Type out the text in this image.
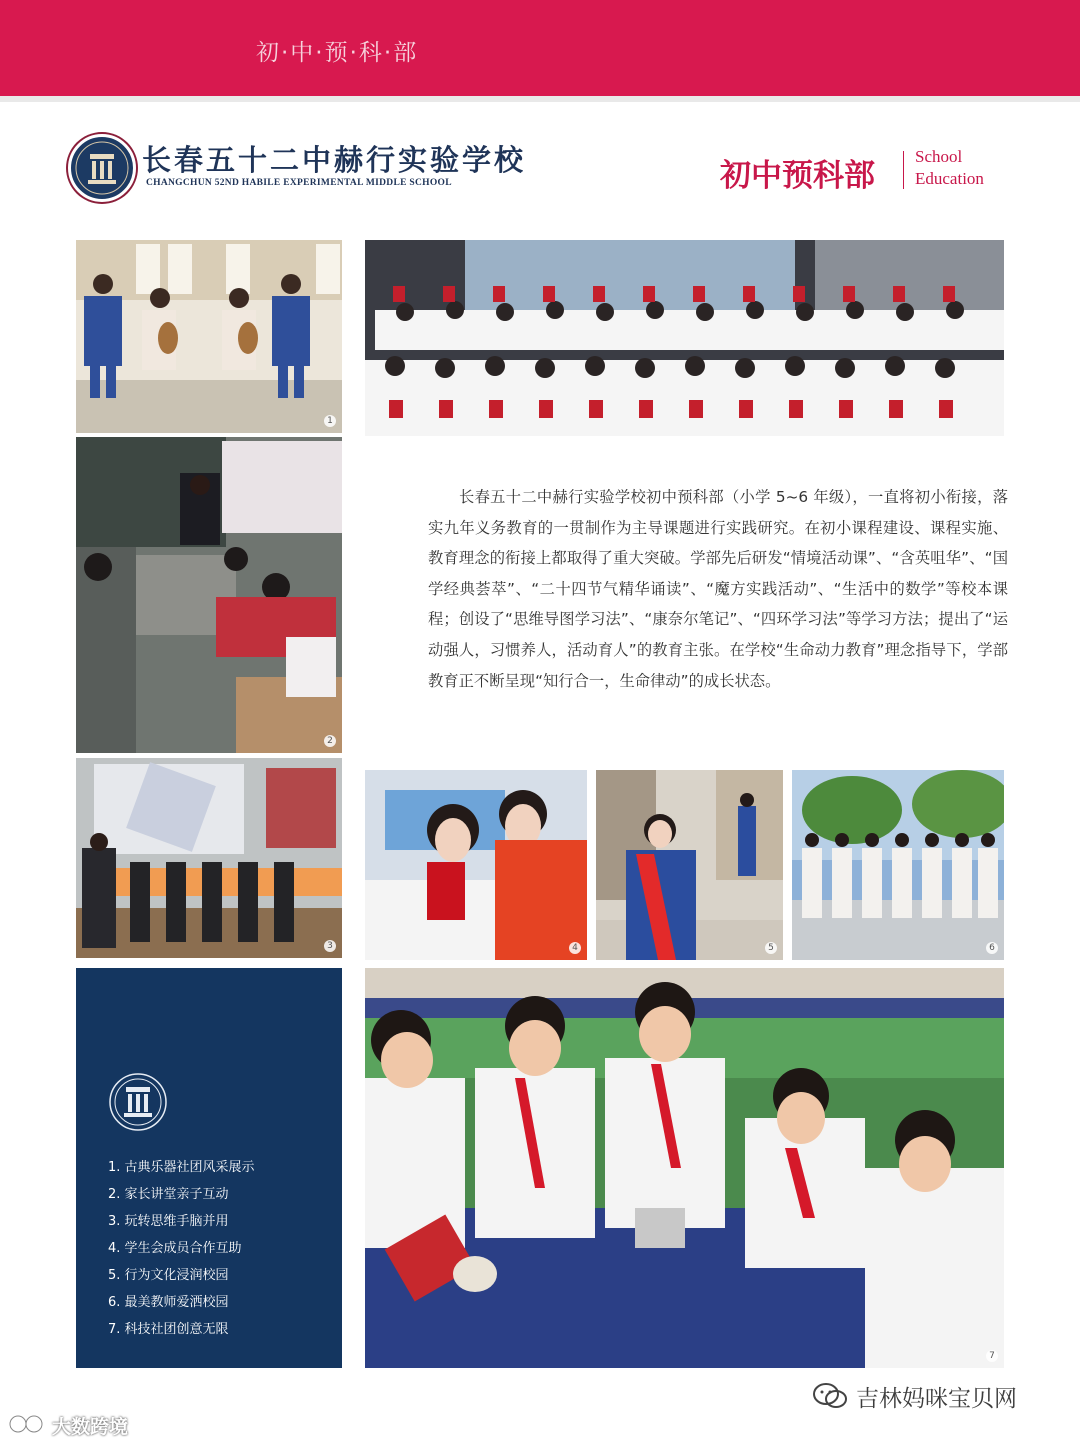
初·中·预·科·部
长春五十二中赫行实验学校
CHANGCHUN 52ND HABILE EXPERIMENTAL MIDDLE SCHOOL	初中预科部
School
Education
1
2
3
长春五十二中赫行实验学校初中预科部（小学 5~6 年级），一直将初小衔接，落实九年义务教育的一贯制作为主导课题进行实践研究。在初小课程建设、课程实施、教育理念的衔接上都取得了重大突破。学部先后研发“情境活动课”、“含英咀华”、“国学经典荟萃”、“二十四节气精华诵读”、“魔方实践活动”、“生活中的数学”等校本课程；创设了“思维导图学习法”、“康奈尔笔记”、“四环学习法”等学习方法；提出了“运动强人，习惯养人，活动育人”的教育主张。在学校“生命动力教育”理念指导下，学部教育正不断呈现“知行合一，生命律动”的成长状态。
4	5	6
7
1. 古典乐器社团风采展示
2. 家长讲堂亲子互动
3. 玩转思维手脑并用
4. 学生会成员合作互助
5. 行为文化浸润校园
6. 最美教师爱洒校园
7. 科技社团创意无限
吉林妈咪宝贝网
大数跨境
